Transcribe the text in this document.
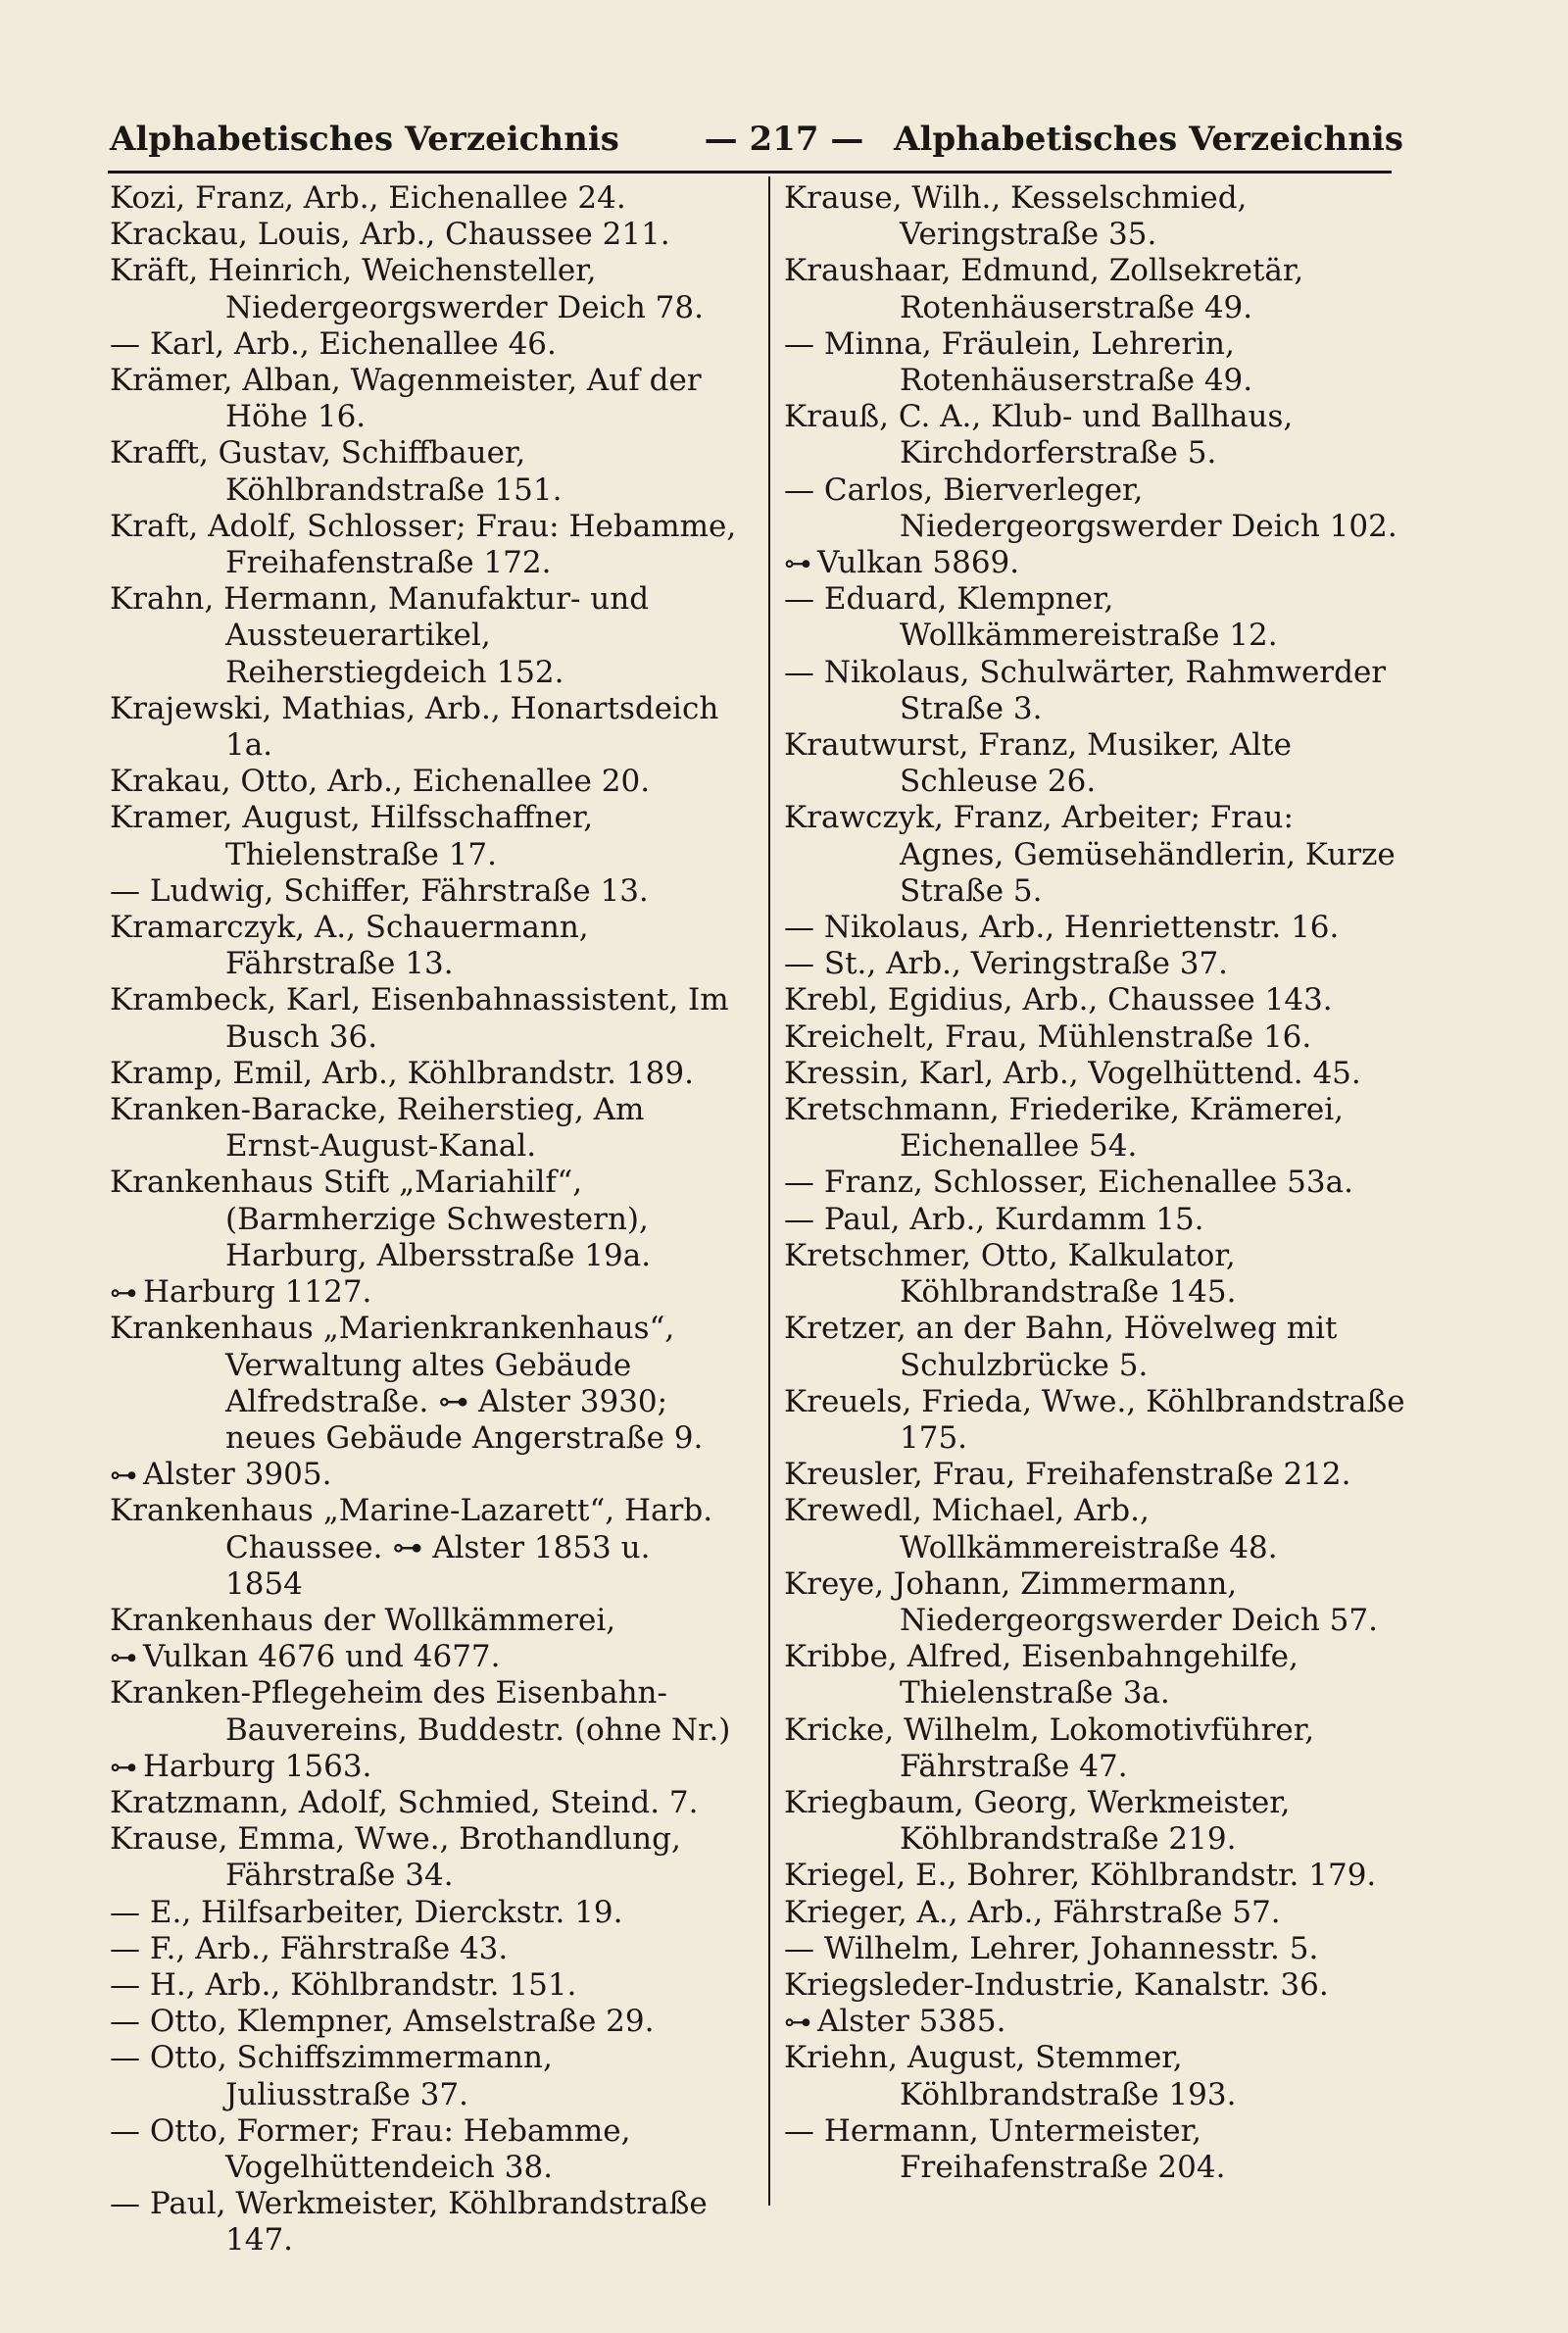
Alphabetisches Verzeichnis	— 217 — Alphabetisches Verzeichnis
Kozi, Franz, Arb., Eichenallee 24.
Krackau, Louis, Arb., Chaussee 211.
Kräft, Heinrich, Weichensteller, Niedergeorgswerder Deich 78.
— Karl, Arb., Eichenallee 46.
Krämer, Alban, Wagenmeister, Auf der Höhe 16.
Krafft, Gustav, Schiffbauer, Köhlbrandstraße 151.
Kraft, Adolf, Schlosser; Frau: Hebamme, Freihafenstraße 172.
Krahn, Hermann, Manufaktur- und Aussteuerartikel, Reiherstiegdeich 152.
Krajewski, Mathias, Arb., Honartsdeich 1a.
Krakau, Otto, Arb., Eichenallee 20.
Kramer, August, Hilfsschaffner, Thielenstraße 17.
— Ludwig, Schiffer, Fährstraße 13.
Kramarczyk, A., Schauermann, Fährstraße 13.
Krambeck, Karl, Eisenbahnassistent, Im Busch 36.
Kramp, Emil, Arb., Köhlbrandstr. 189.
Kranken-Baracke, Reiherstieg, Am Ernst-August-Kanal.
Krankenhaus Stift „Mariahilf“, (Barmherzige Schwestern), Harburg, Albersstraße 19a.
⊶ Harburg 1127.
Krankenhaus „Marienkrankenhaus“, Verwaltung altes Gebäude Alfredstraße. ⊶ Alster 3930; neues Gebäude Angerstraße 9.
⊶ Alster 3905.
Krankenhaus „Marine-Lazarett“, Harb. Chaussee. ⊶ Alster 1853 u. 1854
Krankenhaus der Wollkämmerei,
⊶ Vulkan 4676 und 4677.
Kranken-Pflegeheim des Eisenbahn-Bauvereins, Buddestr. (ohne Nr.)
⊶ Harburg 1563.
Kratzmann, Adolf, Schmied, Steind. 7.
Krause, Emma, Wwe., Brothandlung, Fährstraße 34.
— E., Hilfsarbeiter, Dierckstr. 19.
— F., Arb., Fährstraße 43.
— H., Arb., Köhlbrandstr. 151.
— Otto, Klempner, Amselstraße 29.
— Otto, Schiffszimmermann, Juliusstraße 37.
— Otto, Former; Frau: Hebamme, Vogelhüttendeich 38.
— Paul, Werkmeister, Köhlbrandstraße 147.
Krause, Wilh., Kesselschmied, Veringstraße 35.
Kraushaar, Edmund, Zollsekretär, Rotenhäuserstraße 49.
— Minna, Fräulein, Lehrerin, Rotenhäuserstraße 49.
Krauß, C. A., Klub- und Ballhaus, Kirchdorferstraße 5.
— Carlos, Bierverleger, Niedergeorgswerder Deich 102.
⊶ Vulkan 5869.
— Eduard, Klempner, Wollkämmereistraße 12.
— Nikolaus, Schulwärter, Rahmwerder Straße 3.
Krautwurst, Franz, Musiker, Alte Schleuse 26.
Krawczyk, Franz, Arbeiter; Frau: Agnes, Gemüsehändlerin, Kurze Straße 5.
— Nikolaus, Arb., Henriettenstr. 16.
— St., Arb., Veringstraße 37.
Krebl, Egidius, Arb., Chaussee 143.
Kreichelt, Frau, Mühlenstraße 16.
Kressin, Karl, Arb., Vogelhüttend. 45.
Kretschmann, Friederike, Krämerei, Eichenallee 54.
— Franz, Schlosser, Eichenallee 53a.
— Paul, Arb., Kurdamm 15.
Kretschmer, Otto, Kalkulator, Köhlbrandstraße 145.
Kretzer, an der Bahn, Hövelweg mit Schulzbrücke 5.
Kreuels, Frieda, Wwe., Köhlbrandstraße 175.
Kreusler, Frau, Freihafenstraße 212.
Krewedl, Michael, Arb., Wollkämmereistraße 48.
Kreye, Johann, Zimmermann, Niedergeorgswerder Deich 57.
Kribbe, Alfred, Eisenbahngehilfe, Thielenstraße 3a.
Kricke, Wilhelm, Lokomotivführer, Fährstraße 47.
Kriegbaum, Georg, Werkmeister, Köhlbrandstraße 219.
Kriegel, E., Bohrer, Köhlbrandstr. 179.
Krieger, A., Arb., Fährstraße 57.
— Wilhelm, Lehrer, Johannesstr. 5.
Kriegsleder-Industrie, Kanalstr. 36.
⊶ Alster 5385.
Kriehn, August, Stemmer, Köhlbrandstraße 193.
— Hermann, Untermeister, Freihafenstraße 204.
